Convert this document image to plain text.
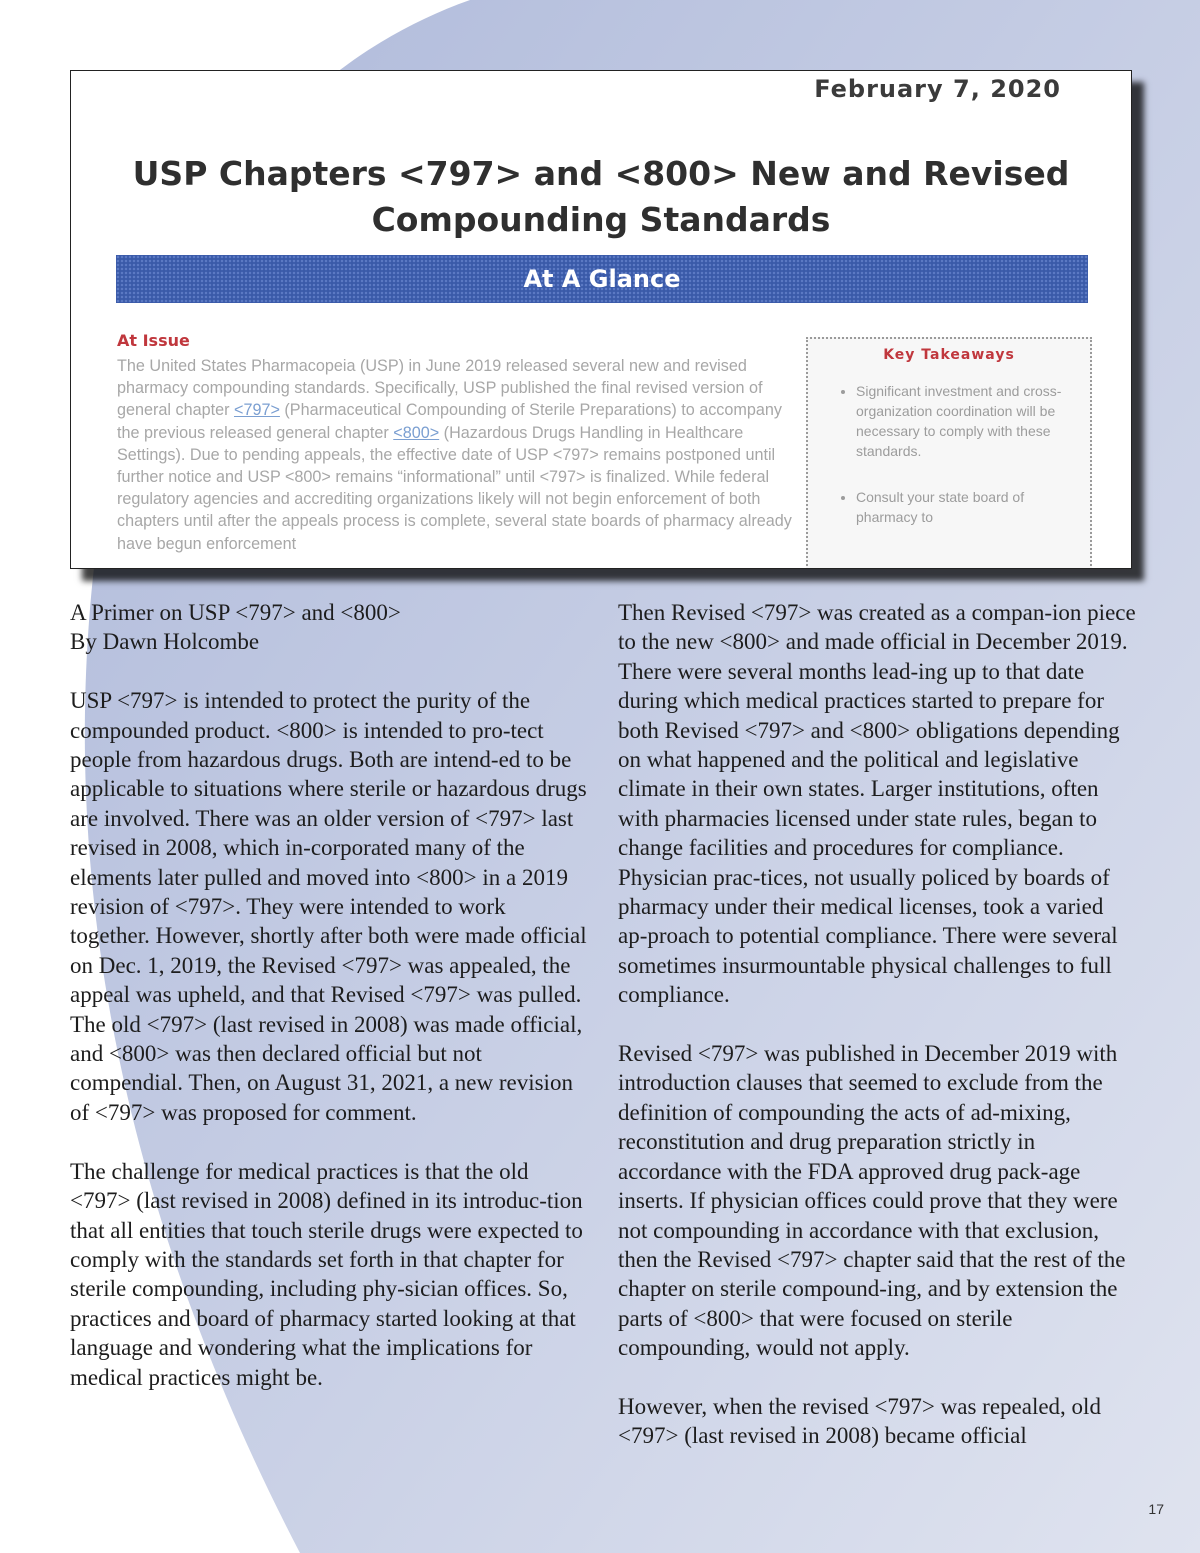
February 7, 2020
USP Chapters <797> and <800> New and Revised Compounding Standards
At A Glance
At Issue
The United States Pharmacopeia (USP) in June 2019 released several new and revised pharmacy compounding standards. Specifically, USP published the final revised version of general chapter <797> (Pharmaceutical Compounding of Sterile Preparations) to accompany the previous released general chapter <800> (Hazardous Drugs Handling in Healthcare Settings). Due to pending appeals, the effective date of USP <797> remains postponed until further notice and USP <800> remains “informational” until <797> is finalized. While federal regulatory agencies and accrediting organizations likely will not begin enforcement of both chapters until after the appeals process is complete, several state boards of pharmacy already have begun enforcement
Key Takeaways
• Significant investment and cross-organization coordination will be necessary to comply with these standards.
• Consult your state board of pharmacy to
A Primer on USP <797> and <800>

By Dawn Holcombe

USP <797> is intended to protect the purity of the compounded product. <800> is intended to pro-tect people from hazardous drugs. Both are intend-ed to be applicable to situations where sterile or hazardous drugs are involved. There was an older version of <797> last revised in 2008, which in-corporated many of the elements later pulled and moved into <800> in a 2019 revision of <797>. They were intended to work together. However, shortly after both were made official on Dec. 1, 2019, the Revised <797> was appealed, the appeal was upheld, and that Revised <797> was pulled. The old <797> (last revised in 2008) was made official, and <800> was then declared official but not compendial. Then, on August 31, 2021, a new revision of <797> was proposed for comment.

The challenge for medical practices is that the old <797> (last revised in 2008) defined in its introduc-tion that all entities that touch sterile drugs were expected to comply with the standards set forth in that chapter for sterile compounding, including phy-sician offices. So, practices and board of pharmacy started looking at that language and wondering what the implications for medical practices might be.

Then Revised <797> was created as a compan-ion piece to the new <800> and made official in December 2019. There were several months lead-ing up to that date during which medical practices started to prepare for both Revised <797> and <800> obligations depending on what happened and the political and legislative climate in their own states. Larger institutions, often with pharmacies licensed under state rules, began to change facilities and procedures for compliance. Physician prac-tices, not usually policed by boards of pharmacy under their medical licenses, took a varied ap-proach to potential compliance. There were several sometimes insurmountable physical challenges to full compliance.

Revised <797> was published in December 2019 with introduction clauses that seemed to exclude from the definition of compounding the acts of ad-mixing, reconstitution and drug preparation strictly in accordance with the FDA approved drug pack-age inserts. If physician offices could prove that they were not compounding in accordance with that exclusion, then the Revised <797> chapter said that the rest of the chapter on sterile compound-ing, and by extension the parts of <800> that were focused on sterile compounding, would not apply.

However, when the revised <797> was repealed, old <797> (last revised in 2008) became official

17
